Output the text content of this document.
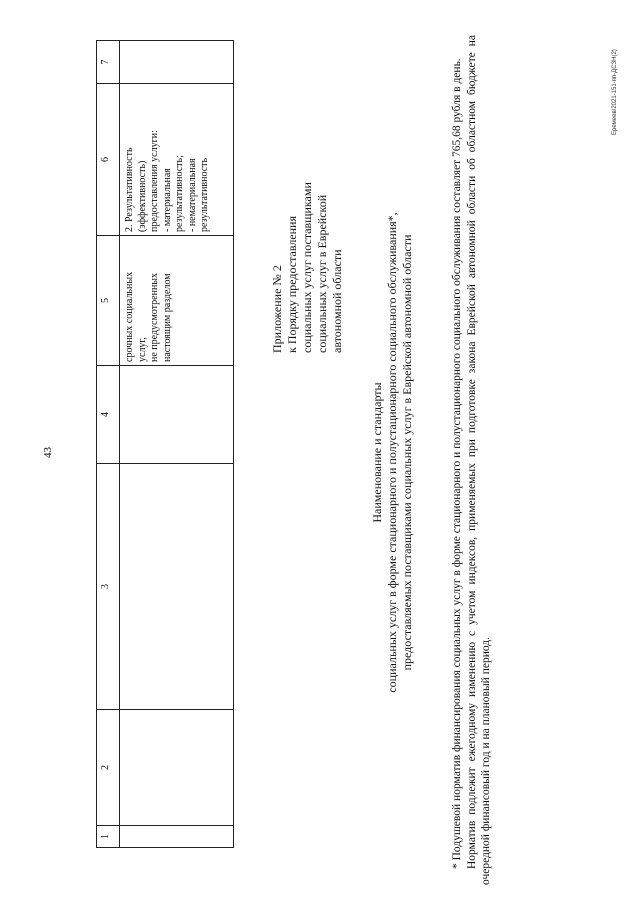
43
1
2
3
4
5 срочных социальных услуг, не предусмотренных настоящим разделом
6 2. Результативность (эффективность) предоставления услуги: - материальная результативность; - нематериальная результативность
7
Приложение № 2 к Порядку предоставления социальных услуг поставщиками социальных услуг в Еврейской автономной области
Наименование и стандарты социальных услуг в форме стационарного и полустационарного социального обслуживания*, предоставляемых поставщиками социальных услуг в Еврейской автономной области	* Подушевой норматив финансирования социальных услуг в форме стационарного и полустационарного социального обслуживания составляет 765,68 рубля в день. Норматив подлежит ежегодному изменению с учетом индексов, применяемых при подготовке закона Еврейской автономной области об областном бюджете на очередной финансовый год и на плановый период.

Еремеев/2021-151-пп-ДСЗН(2)
